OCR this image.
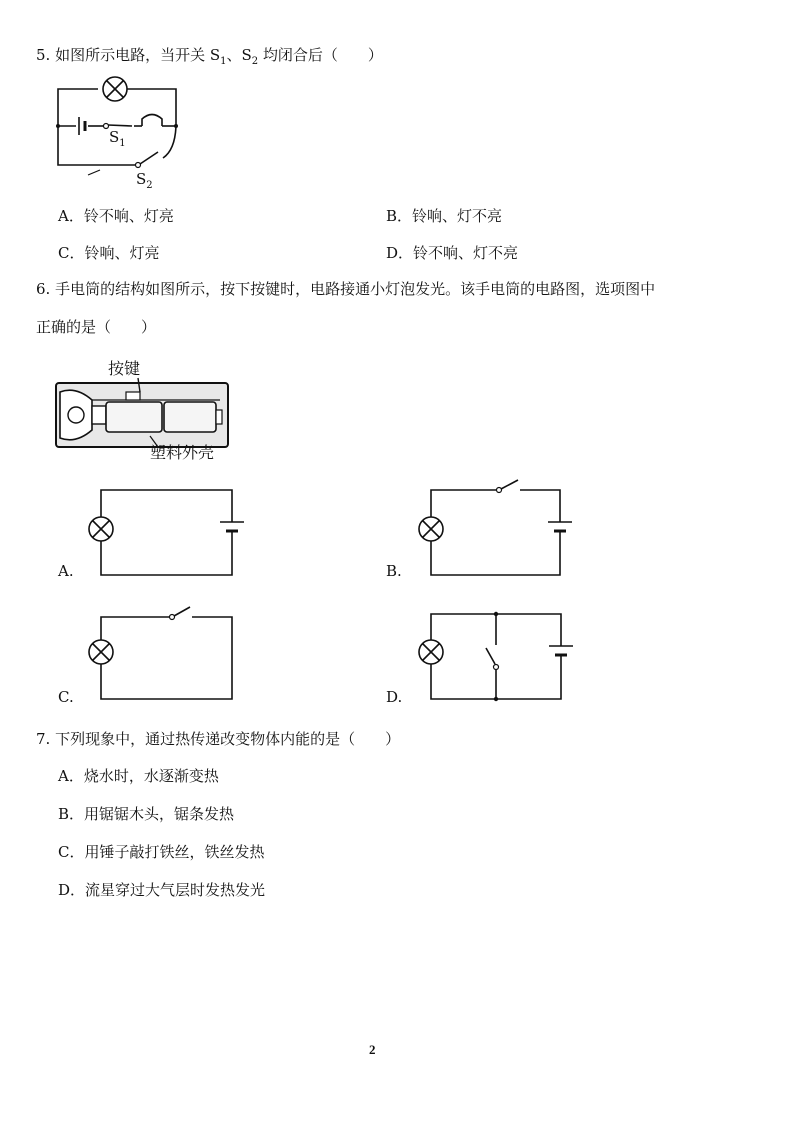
5. 如图所示电路，当开关 $S_1$、$S_2$ 均闭合后（　　）
$S_1$
$S_2$
A．铃不响、灯亮	B．铃响、灯不亮
C．铃响、灯亮	D．铃不响、灯不亮
6. 手电筒的结构如图所示，按下按键时，电路接通小灯泡发光。该手电筒的电路图，选项图中
正确的是（　　）
按键
塑料外壳
A.	B.
C.	D.
7. 下列现象中，通过热传递改变物体内能的是（　　）
A．烧水时，水逐渐变热
B．用锯锯木头，锯条发热
C．用锤子敲打铁丝，铁丝发热
D．流星穿过大气层时发热发光
2
